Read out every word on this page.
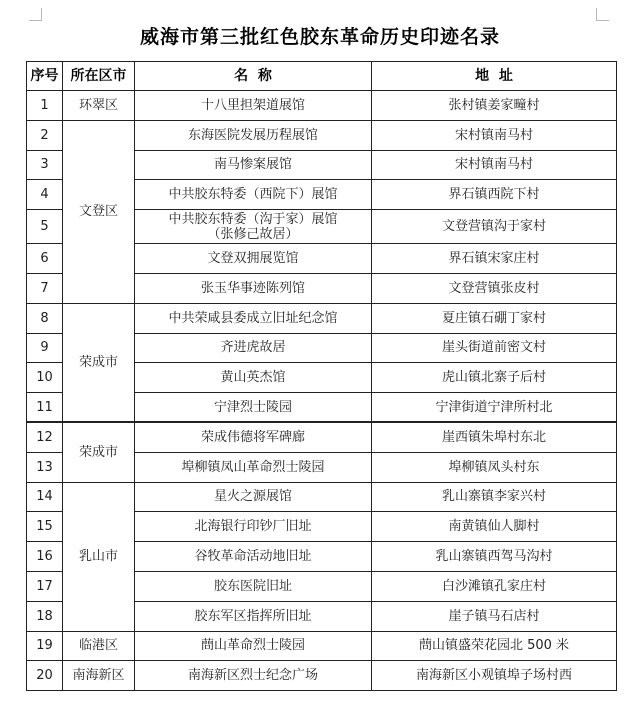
威海市第三批红色胶东革命历史印迹名录
序号	所在区市	名  称	地  址
1	环翠区	十八里担架道展馆	张村镇姜家疃村
2	文登区	东海医院发展历程展馆	宋村镇南马村
3		南马惨案展馆	宋村镇南马村
4		中共胶东特委（西院下）展馆	界石镇西院下村
5		中共胶东特委（沟于家）展馆（张修己故居）	文登营镇沟于家村
6		文登双拥展览馆	界石镇宋家庄村
7		张玉华事迹陈列馆	文登营镇张皮村
8	荣成市	中共荣咸县委成立旧址纪念馆	夏庄镇石硼丁家村
9		齐进虎故居	崖头街道前密文村
10		黄山英杰馆	虎山镇北寨子后村
11		宁津烈士陵园	宁津街道宁津所村北
12	荣成市	荣成伟德将军碑廊	崖西镇朱埠村东北
13		埠柳镇凤山革命烈士陵园	埠柳镇凤头村东
14	乳山市	星火之源展馆	乳山寨镇李家兴村
15		北海银行印钞厂旧址	南黄镇仙人脚村
16		谷牧革命活动地旧址	乳山寨镇西驾马沟村
17		胶东医院旧址	白沙滩镇孔家庄村
18		胶东军区指挥所旧址	崖子镇马石店村
19	临港区	蔄山革命烈士陵园	蔄山镇盛荣花园北 500 米
20	南海新区	南海新区烈士纪念广场	南海新区小观镇埠子场村西
